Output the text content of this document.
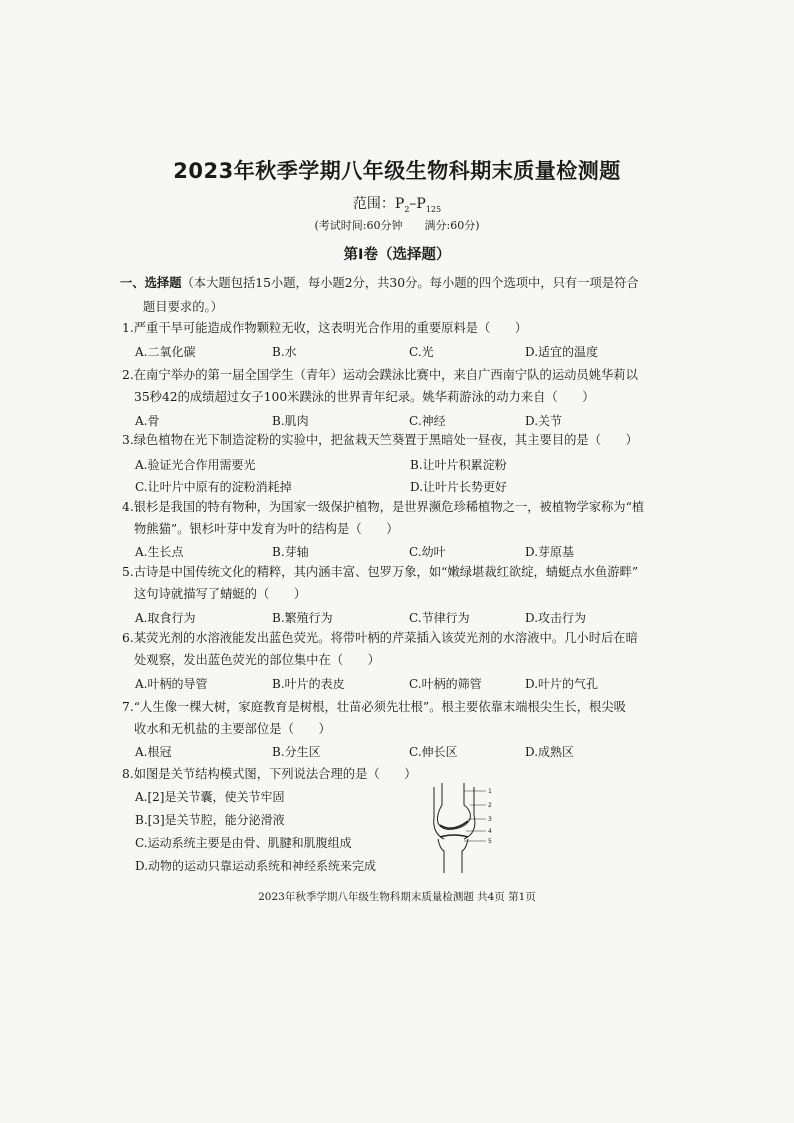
2023年秋季学期八年级生物科期末质量检测题
范围：$P_2-P_{125}$
(考试时间:60分钟　　满分:60分)
第Ⅰ卷（选择题）
一、选择题（本大题包括15小题，每小题2分，共30分。每小题的四个选项中，只有一项是符合
题目要求的。）
1.严重干旱可能造成作物颗粒无收，这表明光合作用的重要原料是（　　）
A.二氧化碳	B.水	C.光	D.适宜的温度
2.在南宁举办的第一届全国学生（青年）运动会蹼泳比赛中，来自广西南宁队的运动员姚华莉以
35秒42的成绩超过女子100米蹼泳的世界青年纪录。姚华莉游泳的动力来自（　　）
A.骨	B.肌肉	C.神经	D.关节
3.绿色植物在光下制造淀粉的实验中，把盆栽天竺葵置于黑暗处一昼夜，其主要目的是（　　）
A.验证光合作用需要光	B.让叶片积累淀粉
C.让叶片中原有的淀粉消耗掉	D.让叶片长势更好
4.银杉是我国的特有物种，为国家一级保护植物，是世界濒危珍稀植物之一，被植物学家称为“植
物熊猫”。银杉叶芽中发育为叶的结构是（　　）
A.生长点	B.芽轴	C.幼叶	D.芽原基
5.古诗是中国传统文化的精粹，其内涵丰富、包罗万象，如“嫩绿堪裁红欲绽，蜻蜓点水鱼游畔”
这句诗就描写了蜻蜓的（　　）
A.取食行为	B.繁殖行为	C.节律行为	D.攻击行为
6.某荧光剂的水溶液能发出蓝色荧光。将带叶柄的芹菜插入该荧光剂的水溶液中。几小时后在暗
处观察，发出蓝色荧光的部位集中在（　　）
A.叶柄的导管	B.叶片的表皮	C.叶柄的筛管	D.叶片的气孔
7.“人生像一棵大树，家庭教育是树根，壮苗必须先壮根”。根主要依靠末端根尖生长，根尖吸
收水和无机盐的主要部位是（　　）
A.根冠	B.分生区	C.伸长区	D.成熟区
8.如图是关节结构模式图，下列说法合理的是（　　）
A.[2]是关节囊，使关节牢固
B.[3]是关节腔，能分泌滑液
C.运动系统主要是由骨、肌腱和肌腹组成
D.动物的运动只靠运动系统和神经系统来完成
1
2
3
4
5
2023年秋季学期八年级生物科期末质量检测题 共4页 第1页
